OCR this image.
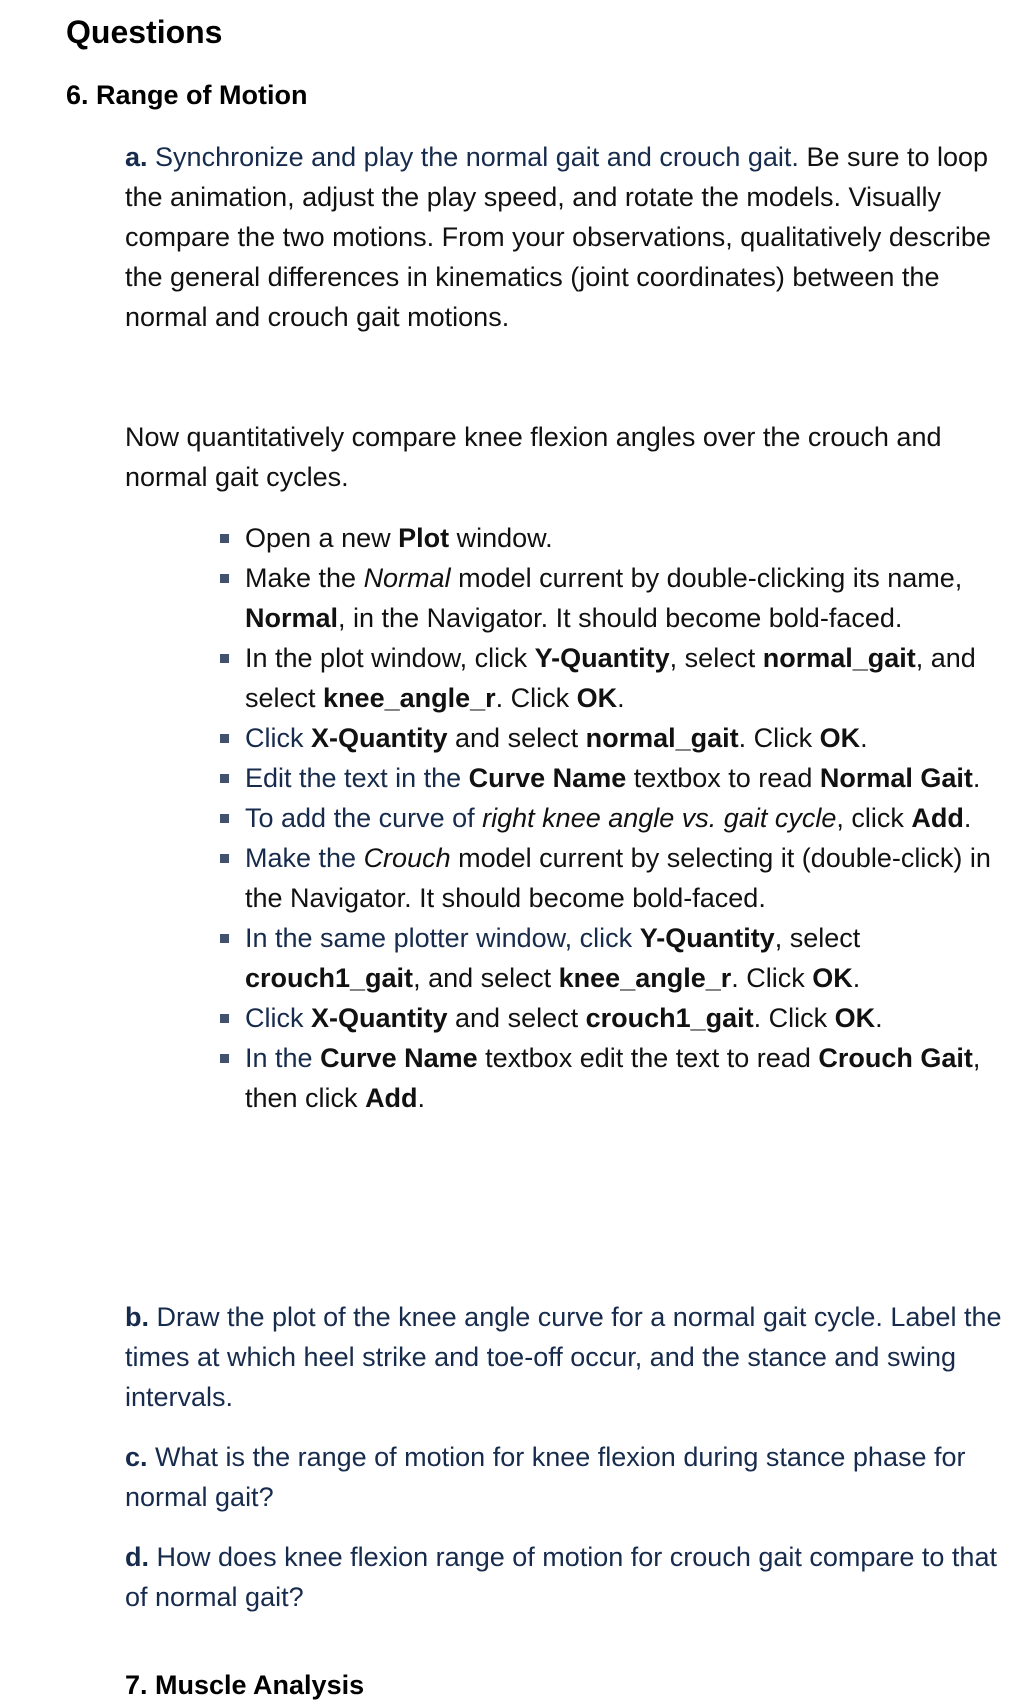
Questions
6. Range of Motion

a. Synchronize and play the normal gait and crouch gait. Be sure to loop the animation, adjust the play speed, and rotate the models. Visually compare the two motions. From your observations, qualitatively describe the general differences in kinematics (joint coordinates) between the normal and crouch gait motions.

Now quantitatively compare knee flexion angles over the crouch and normal gait cycles.

Open a new Plot window.
Make the Normal model current by double-clicking its name, Normal, in the Navigator. It should become bold-faced.
In the plot window, click Y-Quantity, select normal_gait, and select knee_angle_r. Click OK.
Click X-Quantity and select normal_gait. Click OK.
Edit the text in the Curve Name textbox to read Normal Gait.
To add the curve of right knee angle vs. gait cycle, click Add.
Make the Crouch model current by selecting it (double-click) in the Navigator. It should become bold-faced.
In the same plotter window, click Y-Quantity, select crouch1_gait, and select knee_angle_r. Click OK.
Click X-Quantity and select crouch1_gait. Click OK.
In the Curve Name textbox edit the text to read Crouch Gait, then click Add.

b. Draw the plot of the knee angle curve for a normal gait cycle. Label the times at which heel strike and toe-off occur, and the stance and swing intervals.

c. What is the range of motion for knee flexion during stance phase for normal gait?

d. How does knee flexion range of motion for crouch gait compare to that of normal gait?

7. Muscle Analysis
